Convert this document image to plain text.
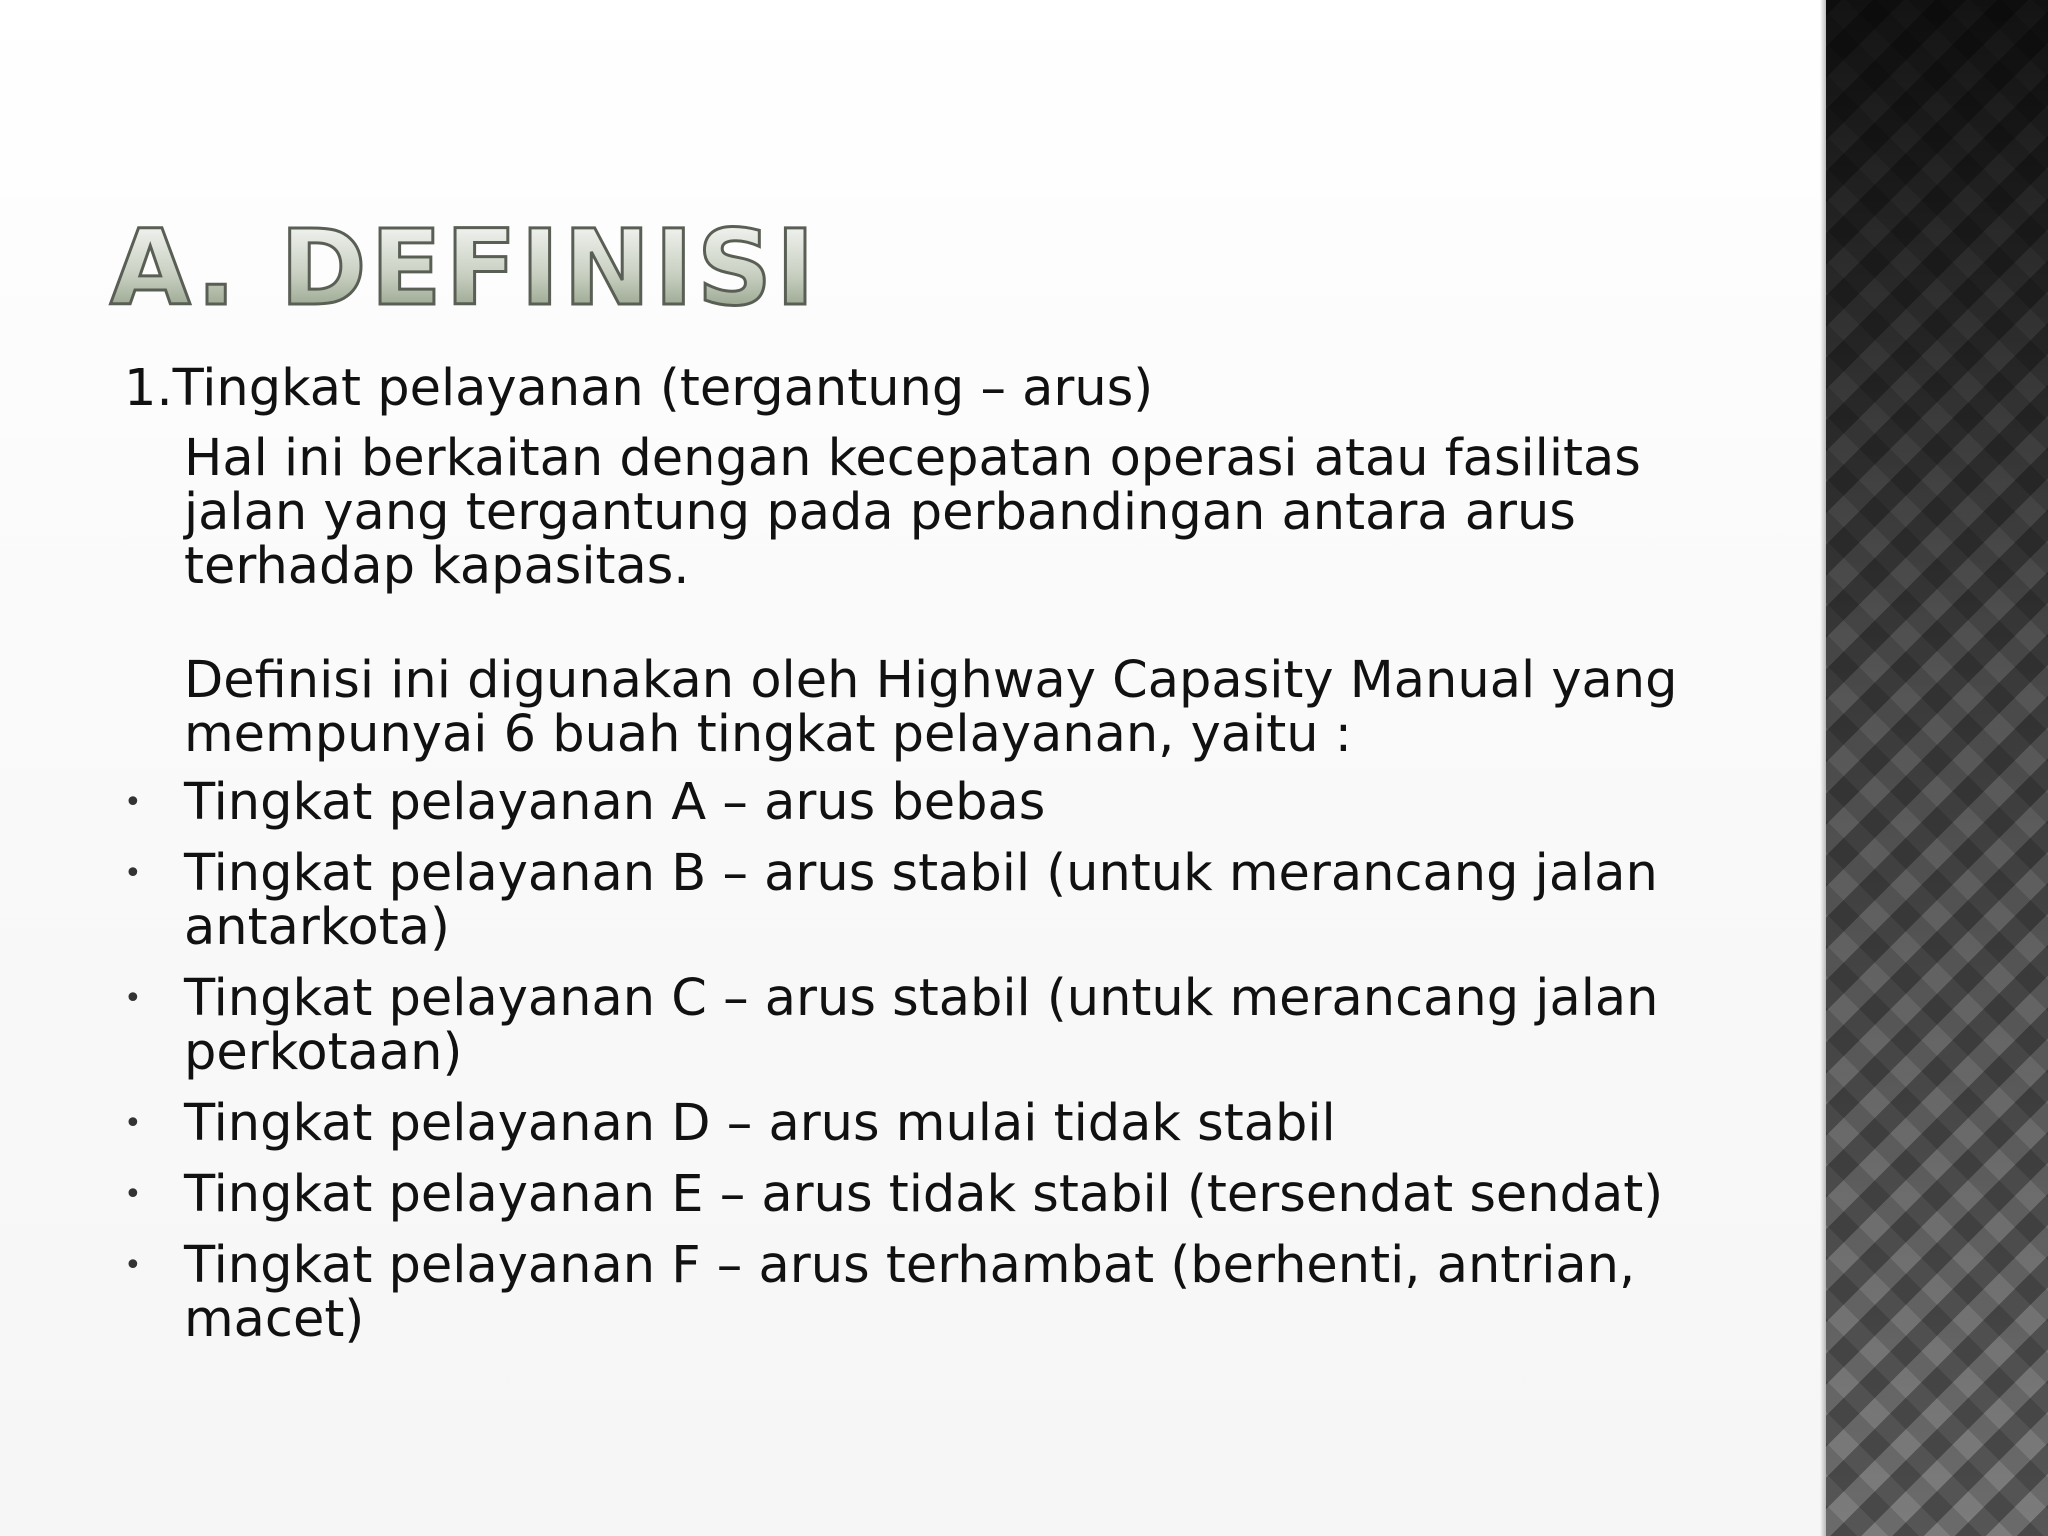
A. DEFINISI

1.Tingkat pelayanan (tergantung – arus)

Hal ini berkaitan dengan kecepatan operasi atau fasilitas jalan yang tergantung pada perbandingan antara arus terhadap kapasitas.

Definisi ini digunakan oleh Highway Capasity Manual yang mempunyai 6 buah tingkat pelayanan, yaitu :

• Tingkat pelayanan A – arus bebas
• Tingkat pelayanan B – arus stabil (untuk merancang jalan antarkota)
• Tingkat pelayanan C – arus stabil (untuk merancang jalan perkotaan)
• Tingkat pelayanan D – arus mulai tidak stabil
• Tingkat pelayanan E – arus tidak stabil (tersendat sendat)
• Tingkat pelayanan F – arus terhambat (berhenti, antrian, macet)
